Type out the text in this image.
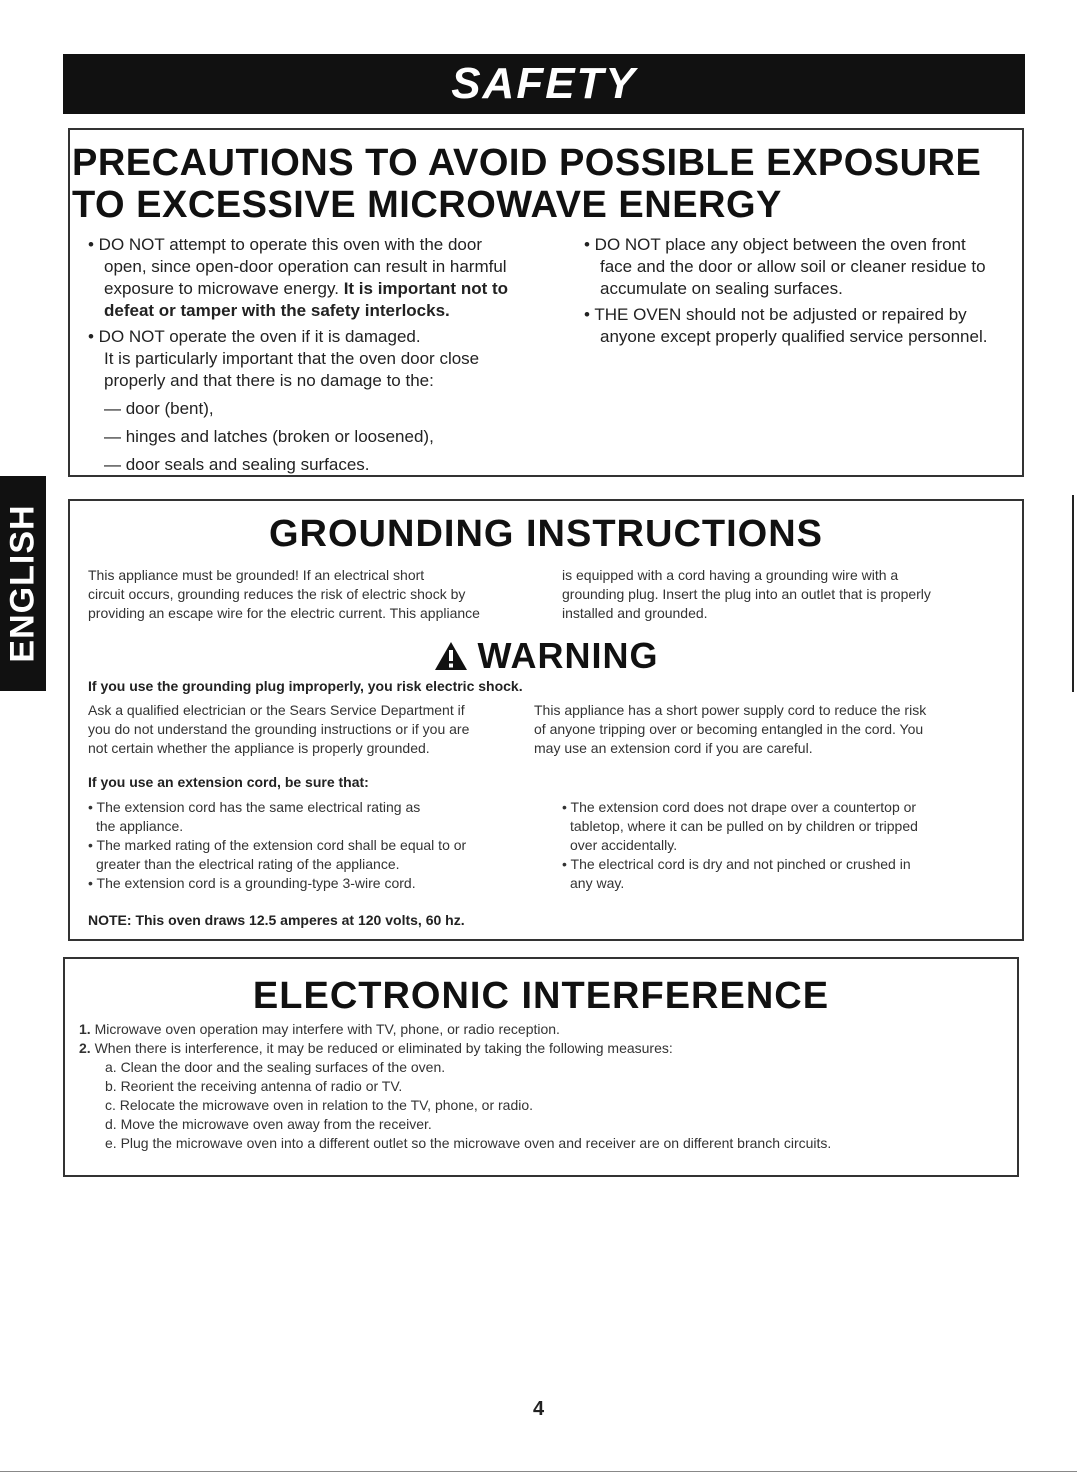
SAFETY
ENGLISH
PRECAUTIONS TO AVOID POSSIBLE EXPOSURE
TO EXCESSIVE MICROWAVE ENERGY
• DO NOT attempt to operate this oven with the door
open, since open-door operation can result in harmful
exposure to microwave energy. It is important not to
defeat or tamper with the safety interlocks.
• DO NOT operate the oven if it is damaged.
It is particularly important that the oven door close
properly and that there is no damage to the:
— door (bent),
— hinges and latches (broken or loosened),
— door seals and sealing surfaces.
• DO NOT place any object between the oven front
face and the door or allow soil or cleaner residue to
accumulate on sealing surfaces.
• THE OVEN should not be adjusted or repaired by
anyone except properly qualified service personnel.
GROUNDING INSTRUCTIONS
This appliance must be grounded! If an electrical short
circuit occurs, grounding reduces the risk of electric shock by
providing an escape wire for the electric current. This appliance
is equipped with a cord having a grounding wire with a
grounding plug. Insert the plug into an outlet that is properly
installed and grounded.
WARNING
If you use the grounding plug improperly, you risk electric shock.
Ask a qualified electrician or the Sears Service Department if
you do not understand the grounding instructions or if you are
not certain whether the appliance is properly grounded.
This appliance has a short power supply cord to reduce the risk
of anyone tripping over or becoming entangled in the cord. You
may use an extension cord if you are careful.
If you use an extension cord, be sure that:
• The extension cord has the same electrical rating as
the appliance.
• The marked rating of the extension cord shall be equal to or
greater than the electrical rating of the appliance.
• The extension cord is a grounding-type 3-wire cord.
• The extension cord does not drape over a countertop or
tabletop, where it can be pulled on by children or tripped
over accidentally.
• The electrical cord is dry and not pinched or crushed in
any way.
NOTE: This oven draws 12.5 amperes at 120 volts, 60 hz.
ELECTRONIC INTERFERENCE
1. Microwave oven operation may interfere with TV, phone, or radio reception.
2. When there is interference, it may be reduced or eliminated by taking the following measures:
a. Clean the door and the sealing surfaces of the oven.
b. Reorient the receiving antenna of radio or TV.
c. Relocate the microwave oven in relation to the TV, phone, or radio.
d. Move the microwave oven away from the receiver.
e. Plug the microwave oven into a different outlet so the microwave oven and receiver are on different branch circuits.
4
